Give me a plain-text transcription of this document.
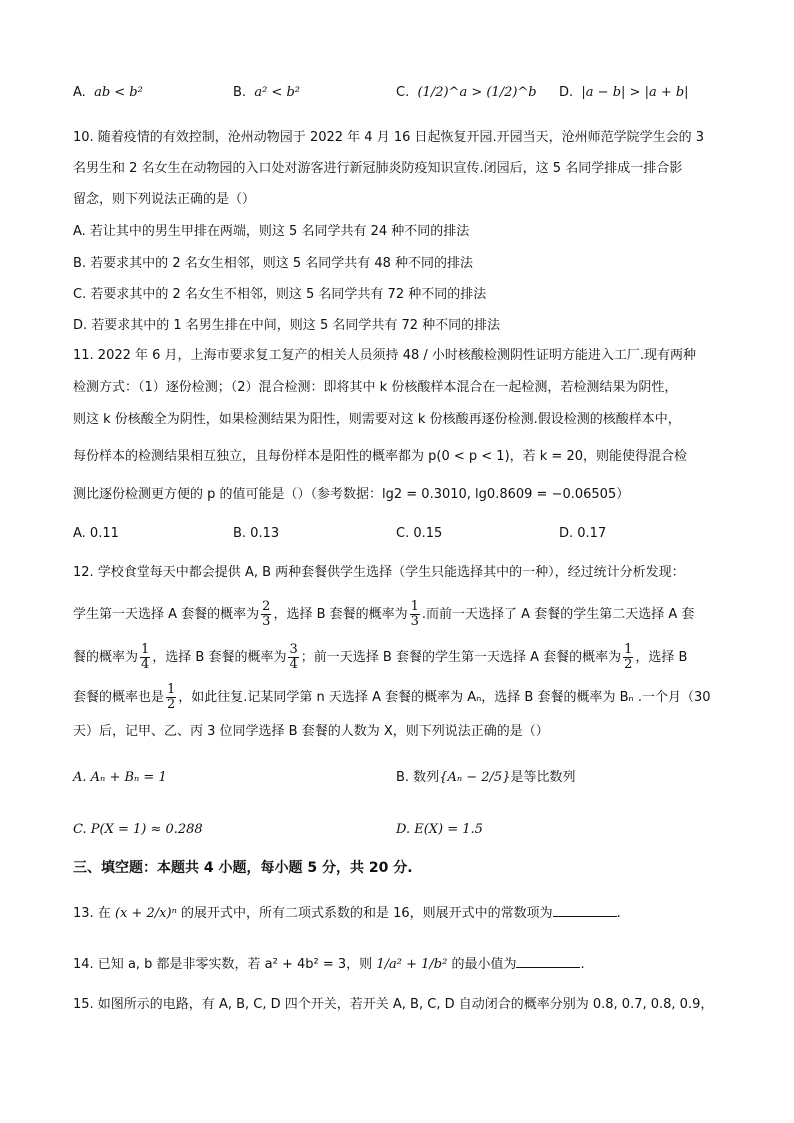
A. ab < b²	B. a² < b²	C. (1/2)^a > (1/2)^b D. |a − b| > |a + b|
10. 随着疫情的有效控制，沧州动物园于 2022 年 4 月 16 日起恢复开园.开园当天，沧州师范学院学生会的 3
名男生和 2 名女生在动物园的入口处对游客进行新冠肺炎防疫知识宣传.闭园后，这 5 名同学排成一排合影
留念，则下列说法正确的是（）
A. 若让其中的男生甲排在两端，则这 5 名同学共有 24 种不同的排法
B. 若要求其中的 2 名女生相邻，则这 5 名同学共有 48 种不同的排法
C. 若要求其中的 2 名女生不相邻，则这 5 名同学共有 72 种不同的排法
D. 若要求其中的 1 名男生排在中间，则这 5 名同学共有 72 种不同的排法
11. 2022 年 6 月，上海市要求复工复产的相关人员须持 48 / 小时核酸检测阴性证明方能进入工厂.现有两种
检测方式：（1）逐份检测；（2）混合检测：即将其中 k 份核酸样本混合在一起检测，若检测结果为阴性，
则这 k 份核酸全为阴性，如果检测结果为阳性，则需要对这 k 份核酸再逐份检测.假设检测的核酸样本中，
每份样本的检测结果相互独立，且每份样本是阳性的概率都为 p(0 < p < 1)，若 k = 20，则能使得混合检
测比逐份检测更方便的 p 的值可能是（）（参考数据：lg2 = 0.3010, lg0.8609 = −0.06505）
A. 0.11	B. 0.13	C. 0.15	D. 0.17
12. 学校食堂每天中都会提供 A, B 两种套餐供学生选择（学生只能选择其中的一种），经过统计分析发现：
学生第一天选择 A 套餐的概率为 $\frac{2}{3}$ ，选择 B 套餐的概率为 $\frac{1}{3}$ .而前一天选择了 A 套餐的学生第二天选择 A 套
餐的概率为 $\frac{1}{4}$ ，选择 B 套餐的概率为 $\frac{3}{4}$ ；前一天选择 B 套餐的学生第一天选择 A 套餐的概率为 $\frac{1}{2}$ ，选择 B
套餐的概率也是 $\frac{1}{2}$ ，如此往复.记某同学第 n 天选择 A 套餐的概率为 Aₙ，选择 B 套餐的概率为 Bₙ .一个月（30
天）后，记甲、乙、丙 3 位同学选择 B 套餐的人数为 X，则下列说法正确的是（）
A. Aₙ + Bₙ = 1	B. 数列{Aₙ − 2/5}是等比数列
C. P(X = 1) ≈ 0.288	D. E(X) = 1.5
三、填空题：本题共 4 小题，每小题 5 分，共 20 分.
13. 在 (x + 2/x)ⁿ 的展开式中，所有二项式系数的和是 16，则展开式中的常数项为	.
14. 已知 a, b 都是非零实数，若 a² + 4b² = 3，则 1/a² + 1/b² 的最小值为	.
15. 如图所示的电路，有 A, B, C, D 四个开关，若开关 A, B, C, D 自动闭合的概率分别为 0.8, 0.7, 0.8, 0.9，
